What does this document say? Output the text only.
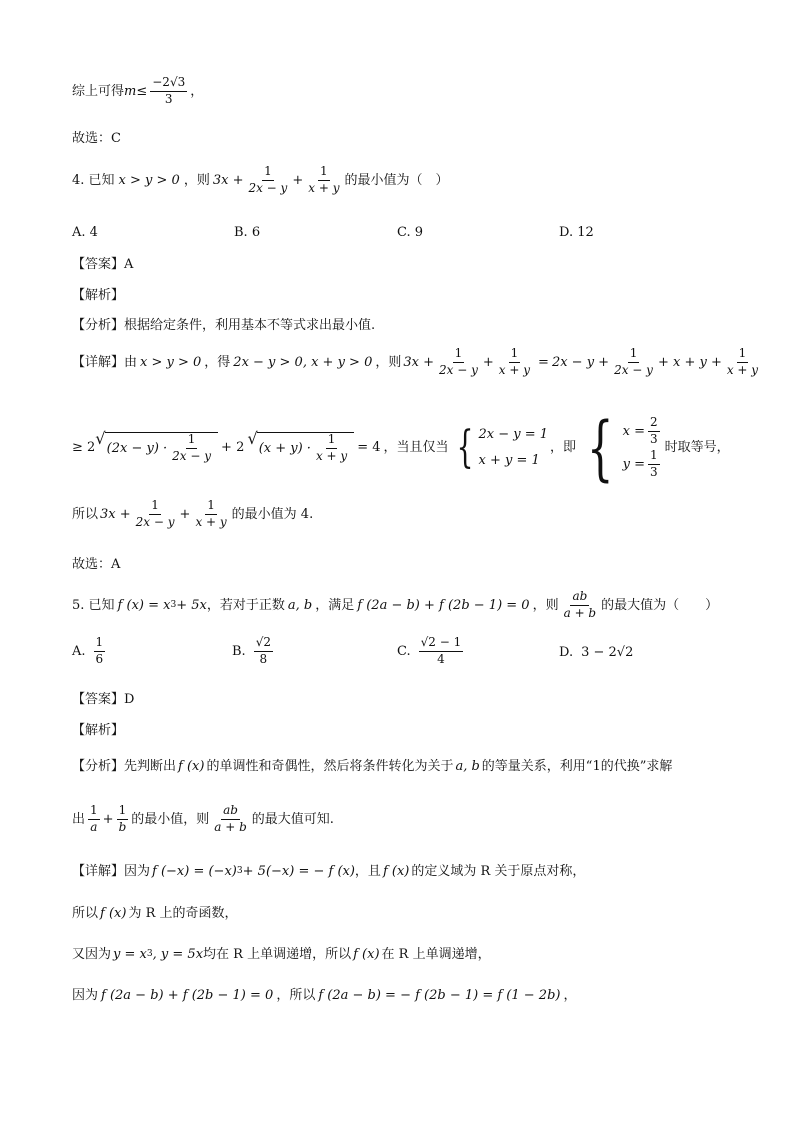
综上可得 $m \le \frac{-2√3}{3}$ ，
故选：C
4. 已知 x > y > 0 ，则 $3x + \frac{1}{2x - y} + \frac{1}{x + y}$ 的最小值为（　）
A. 4	B. 6	C. 9	D. 12
【答案】A
【解析】
【分析】根据给定条件，利用基本不等式求出最小值.
【详解】由 x > y > 0 ，得 2x − y > 0, x + y > 0 ，则 $3x + \frac{1}{2x - y} + \frac{1}{x + y} = 2x - y + \frac{1}{2x - y} + x + y + \frac{1}{x + y}$
≥ 2 √ $(2x - y) \cdot \frac{1}{2x - y} + 2$ √ $(x + y) \cdot \frac{1}{x + y} = 4$ ，当且仅当 { 2x − y = 1
x + y = 1
，即 { $x = \frac{2}{3}$
$y = \frac{1}{3}$
时取等号，
所以 $3x + \frac{1}{2x - y} + \frac{1}{x + y}$ 的最小值为 4.
故选：A
5. 已知 f (x) = x 3 + 5x ，若对于正数 a, b ，满足 f (2a − b) + f (2b − 1) = 0 ，则 $\frac{ab}{a + b}$ 的最大值为（　　）
A. $\frac{1}{6}$	B. $\frac{√2}{8}$	C. $\frac{√2 - 1}{4}$	D. 3 − 2√2
【答案】D
【解析】
【分析】先判断出 f (x) 的单调性和奇偶性，然后将条件转化为关于 a, b 的等量关系，利用“1的代换”求解
出 $\frac{1}{a} + \frac{1}{b}$ 的最小值，则 $\frac{ab}{a + b}$ 的最大值可知.
【详解】因为 f (−x) = (−x) 3 + 5(−x) = − f (x) ，且 f (x) 的定义域为 R 关于原点对称，
所以 f (x) 为 R 上的奇函数，
又因为 y = x 3 , y = 5x 均在 R 上单调递增，所以 f (x) 在 R 上单调递增，
因为 f (2a − b) + f (2b − 1) = 0 ，所以 f (2a − b) = − f (2b − 1) = f (1 − 2b) ，
